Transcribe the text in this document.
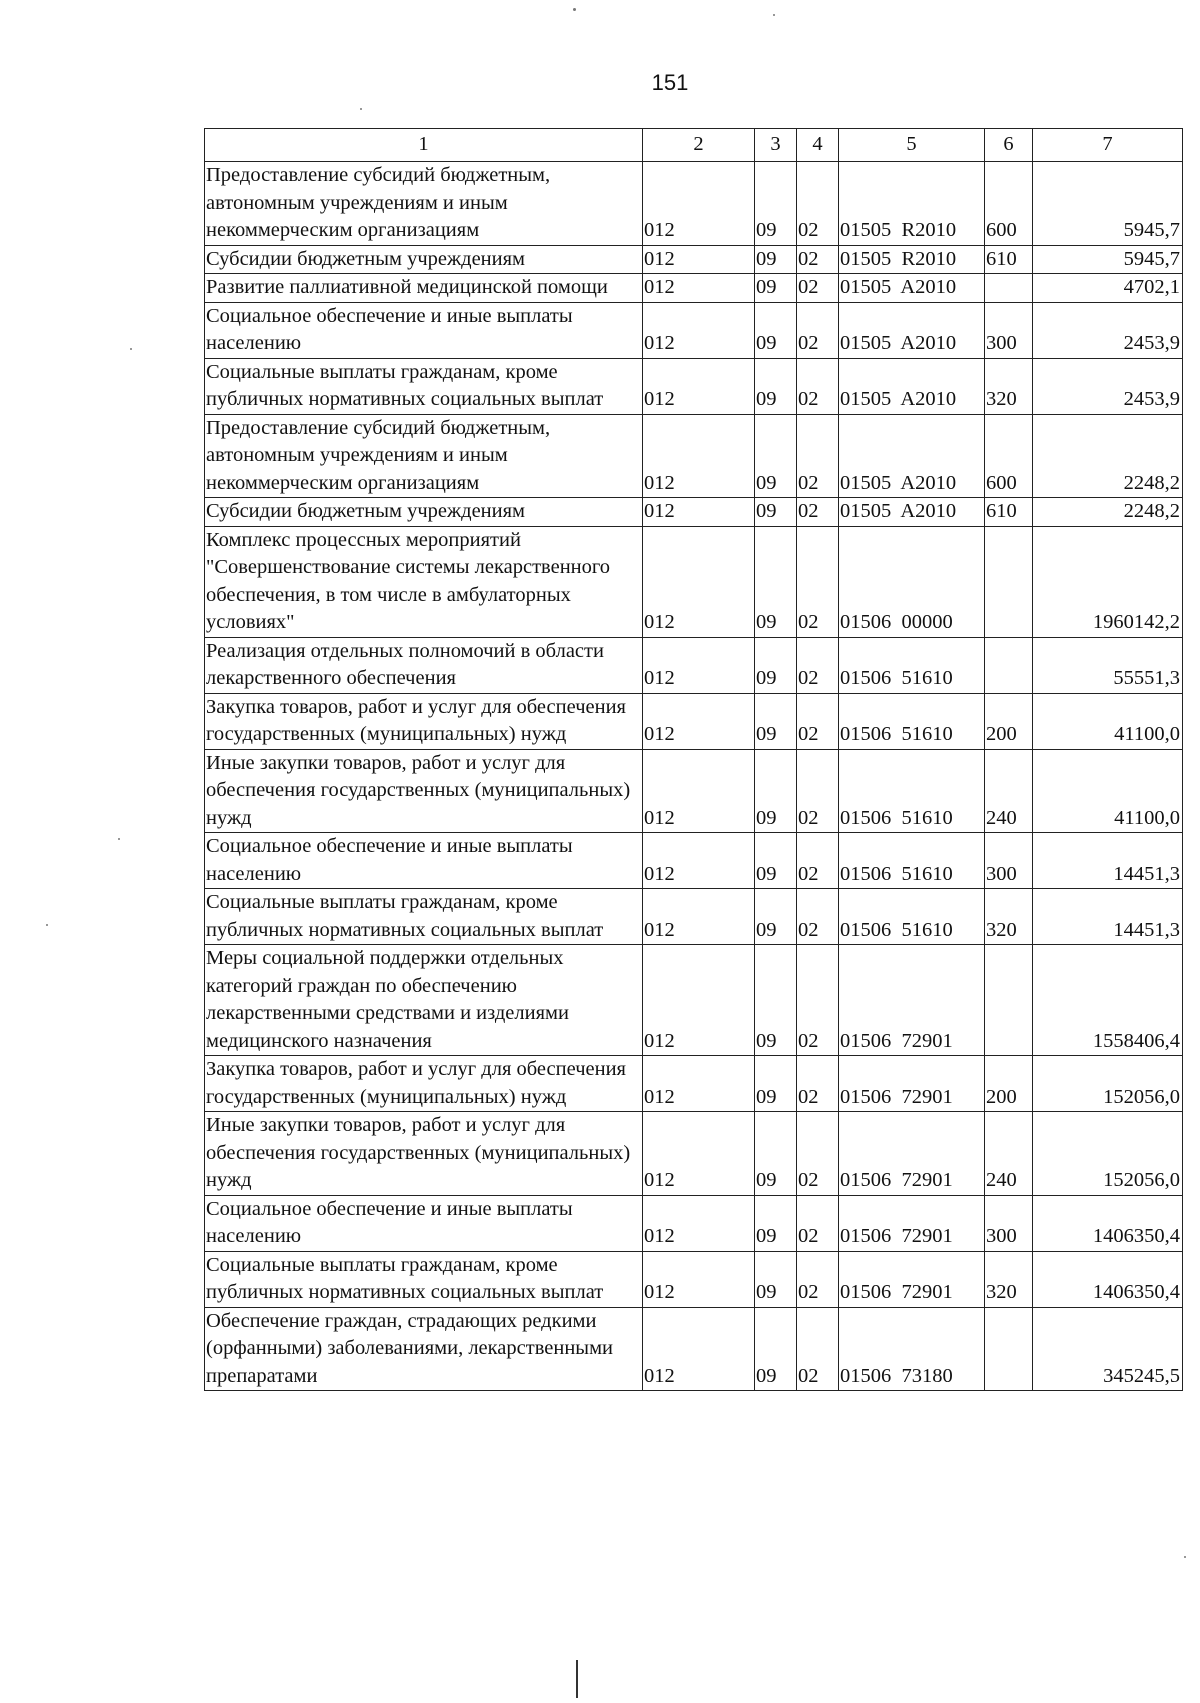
151
1	2	3	4	5	6	7
Предоставление субсидий бюджетным, автономным учреждениям и иным некоммерческим организациям	012	09	02	01505  R2010	600	5945,7
Субсидии бюджетным учреждениям	012	09	02	01505  R2010	610	5945,7
Развитие паллиативной медицинской помощи	012	09	02	01505  A2010		4702,1
Социальное обеспечение и иные выплаты населению	012	09	02	01505  A2010	300	2453,9
Социальные выплаты гражданам, кроме публичных нормативных социальных выплат	012	09	02	01505  A2010	320	2453,9
Предоставление субсидий бюджетным, автономным учреждениям и иным некоммерческим организациям	012	09	02	01505  A2010	600	2248,2
Субсидии бюджетным учреждениям	012	09	02	01505  A2010	610	2248,2
Комплекс процессных мероприятий "Совершенствование системы лекарственного обеспечения, в том числе в амбулаторных условиях"	012	09	02	01506  00000		1960142,2
Реализация отдельных полномочий в области лекарственного обеспечения	012	09	02	01506  51610		55551,3
Закупка товаров, работ и услуг для обеспечения государственных (муниципальных) нужд	012	09	02	01506  51610	200	41100,0
Иные закупки товаров, работ и услуг для обеспечения государственных (муниципальных) нужд	012	09	02	01506  51610	240	41100,0
Социальное обеспечение и иные выплаты населению	012	09	02	01506  51610	300	14451,3
Социальные выплаты гражданам, кроме публичных нормативных социальных выплат	012	09	02	01506  51610	320	14451,3
Меры социальной поддержки отдельных категорий граждан по обеспечению лекарственными средствами и изделиями медицинского назначения	012	09	02	01506  72901		1558406,4
Закупка товаров, работ и услуг для обеспечения государственных (муниципальных) нужд	012	09	02	01506  72901	200	152056,0
Иные закупки товаров, работ и услуг для обеспечения государственных (муниципальных) нужд	012	09	02	01506  72901	240	152056,0
Социальное обеспечение и иные выплаты населению	012	09	02	01506  72901	300	1406350,4
Социальные выплаты гражданам, кроме публичных нормативных социальных выплат	012	09	02	01506  72901	320	1406350,4
Обеспечение граждан, страдающих редкими (орфанными) заболеваниями, лекарственными препаратами	012	09	02	01506  73180		345245,5
